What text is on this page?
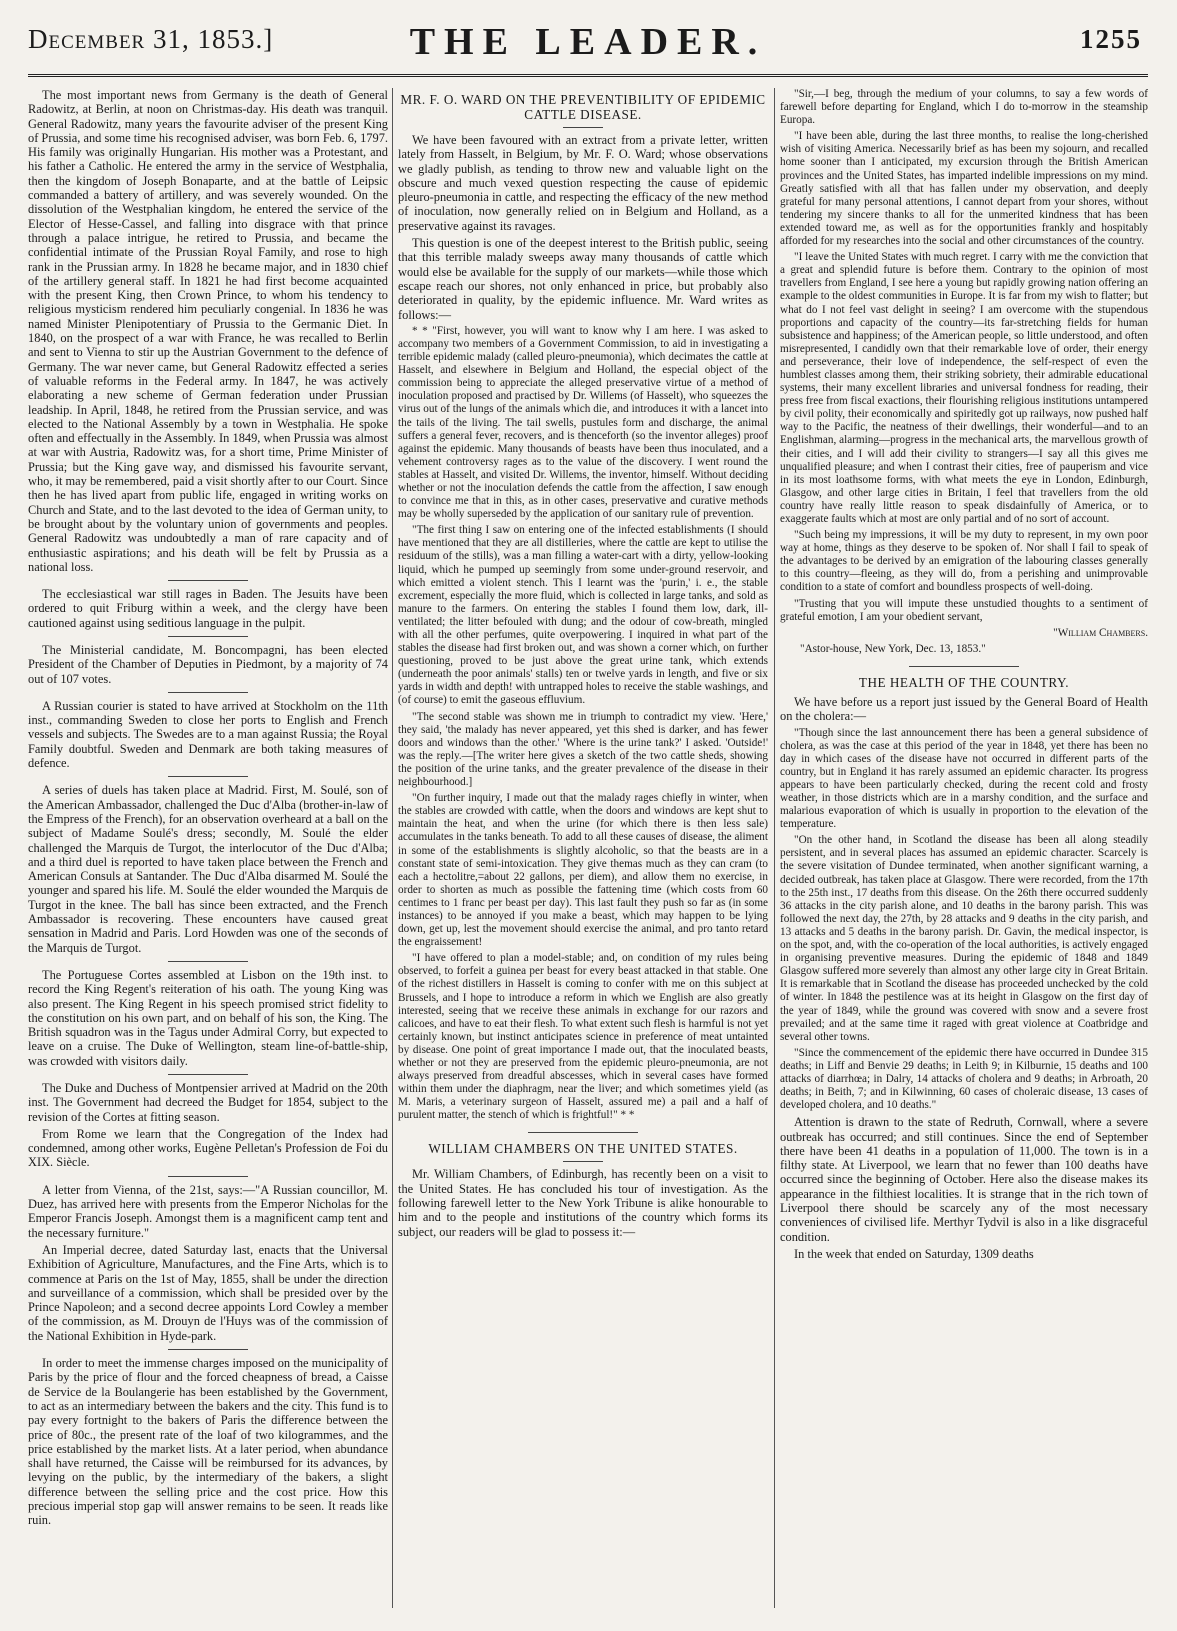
December 31, 1853.]	THE LEADER.	1255

The most important news from Germany is the death of General Radowitz, at Berlin, at noon on Christmas-day. His death was tranquil. General Radowitz, many years the favourite adviser of the present King of Prussia, and some time his recognised adviser, was born Feb. 6, 1797. His family was originally Hungarian. His mother was a Protestant, and his father a Catholic. He entered the army in the service of Westphalia, then the kingdom of Joseph Bonaparte, and at the battle of Leipsic commanded a battery of artillery, and was severely wounded. On the dissolution of the Westphalian kingdom, he entered the service of the Elector of Hesse-Cassel, and falling into disgrace with that prince through a palace intrigue, he retired to Prussia, and became the confidential intimate of the Prussian Royal Family, and rose to high rank in the Prussian army. In 1828 he became major, and in 1830 chief of the artillery general staff. In 1821 he had first become acquainted with the present King, then Crown Prince, to whom his tendency to religious mysticism rendered him peculiarly congenial. In 1836 he was named Minister Plenipotentiary of Prussia to the Germanic Diet. In 1840, on the prospect of a war with France, he was recalled to Berlin and sent to Vienna to stir up the Austrian Government to the defence of Germany. The war never came, but General Radowitz effected a series of valuable reforms in the Federal army. In 1847, he was actively elaborating a new scheme of German federation under Prussian leadship. In April, 1848, he retired from the Prussian service, and was elected to the National Assembly by a town in Westphalia. He spoke often and effectually in the Assembly. In 1849, when Prussia was almost at war with Austria, Radowitz was, for a short time, Prime Minister of Prussia; but the King gave way, and dismissed his favourite servant, who, it may be remembered, paid a visit shortly after to our Court. Since then he has lived apart from public life, engaged in writing works on Church and State, and to the last devoted to the idea of German unity, to be brought about by the voluntary union of governments and peoples. General Radowitz was undoubtedly a man of rare capacity and of enthusiastic aspirations; and his death will be felt by Prussia as a national loss.

The ecclesiastical war still rages in Baden. The Jesuits have been ordered to quit Friburg within a week, and the clergy have been cautioned against using seditious language in the pulpit.

The Ministerial candidate, M. Boncompagni, has been elected President of the Chamber of Deputies in Piedmont, by a majority of 74 out of 107 votes.

A Russian courier is stated to have arrived at Stockholm on the 11th inst., commanding Sweden to close her ports to English and French vessels and subjects. The Swedes are to a man against Russia; the Royal Family doubtful. Sweden and Denmark are both taking measures of defence.

A series of duels has taken place at Madrid. First, M. Soulé, son of the American Ambassador, challenged the Duc d'Alba (brother-in-law of the Empress of the French), for an observation overheard at a ball on the subject of Madame Soulé's dress; secondly, M. Soulé the elder challenged the Marquis de Turgot, the interlocutor of the Duc d'Alba; and a third duel is reported to have taken place between the French and American Consuls at Santander. The Duc d'Alba disarmed M. Soulé the younger and spared his life. M. Soulé the elder wounded the Marquis de Turgot in the knee. The ball has since been extracted, and the French Ambassador is recovering. These encounters have caused great sensation in Madrid and Paris. Lord Howden was one of the seconds of the Marquis de Turgot.

The Portuguese Cortes assembled at Lisbon on the 19th inst. to record the King Regent's reiteration of his oath. The young King was also present. The King Regent in his speech promised strict fidelity to the constitution on his own part, and on behalf of his son, the King. The British squadron was in the Tagus under Admiral Corry, but expected to leave on a cruise. The Duke of Wellington, steam line-of-battle-ship, was crowded with visitors daily.

The Duke and Duchess of Montpensier arrived at Madrid on the 20th inst. The Government had decreed the Budget for 1854, subject to the revision of the Cortes at fitting season.

From Rome we learn that the Congregation of the Index had condemned, among other works, Eugène Pelletan's Profession de Foi du XIX. Siècle.

A letter from Vienna, of the 21st, says:—"A Russian councillor, M. Duez, has arrived here with presents from the Emperor Nicholas for the Emperor Francis Joseph. Amongst them is a magnificent camp tent and the necessary furniture."

An Imperial decree, dated Saturday last, enacts that the Universal Exhibition of Agriculture, Manufactures, and the Fine Arts, which is to commence at Paris on the 1st of May, 1855, shall be under the direction and surveillance of a commission, which shall be presided over by the Prince Napoleon; and a second decree appoints Lord Cowley a member of the commission, as M. Drouyn de l'Huys was of the commission of the National Exhibition in Hyde-park.

In order to meet the immense charges imposed on the municipality of Paris by the price of flour and the forced cheapness of bread, a Caisse de Service de la Boulangerie has been established by the Government, to act as an intermediary between the bakers and the city. This fund is to pay every fortnight to the bakers of Paris the difference between the price of 80c., the present rate of the loaf of two kilogrammes, and the price established by the market lists. At a later period, when abundance shall have returned, the Caisse will be reimbursed for its advances, by levying on the public, by the intermediary of the bakers, a slight difference between the selling price and the cost price. How this precious imperial stop gap will answer remains to be seen. It reads like ruin.

MR. F. O. WARD ON THE PREVENTIBILITY OF EPIDEMIC CATTLE DISEASE.

We have been favoured with an extract from a private letter, written lately from Hasselt, in Belgium, by Mr. F. O. Ward; whose observations we gladly publish, as tending to throw new and valuable light on the obscure and much vexed question respecting the cause of epidemic pleuro-pneumonia in cattle, and respecting the efficacy of the new method of inoculation, now generally relied on in Belgium and Holland, as a preservative against its ravages.

This question is one of the deepest interest to the British public, seeing that this terrible malady sweeps away many thousands of cattle which would else be available for the supply of our markets—while those which escape reach our shores, not only enhanced in price, but probably also deteriorated in quality, by the epidemic influence. Mr. Ward writes as follows:—

* * "First, however, you will want to know why I am here. I was asked to accompany two members of a Government Commission, to aid in investigating a terrible epidemic malady (called pleuro-pneumonia), which decimates the cattle at Hasselt, and elsewhere in Belgium and Holland, the especial object of the commission being to appreciate the alleged preservative virtue of a method of inoculation proposed and practised by Dr. Willems (of Hasselt), who squeezes the virus out of the lungs of the animals which die, and introduces it with a lancet into the tails of the living. The tail swells, pustules form and discharge, the animal suffers a general fever, recovers, and is thenceforth (so the inventor alleges) proof against the epidemic. Many thousands of beasts have been thus inoculated, and a vehement controversy rages as to the value of the discovery. I went round the stables at Hasselt, and visited Dr. Willems, the inventor, himself. Without deciding whether or not the inoculation defends the cattle from the affection, I saw enough to convince me that in this, as in other cases, preservative and curative methods may be wholly superseded by the application of our sanitary rule of prevention.

"The first thing I saw on entering one of the infected establishments (I should have mentioned that they are all distilleries, where the cattle are kept to utilise the residuum of the stills), was a man filling a water-cart with a dirty, yellow-looking liquid, which he pumped up seemingly from some under-ground reservoir, and which emitted a violent stench. This I learnt was the 'purin,' i. e., the stable excrement, especially the more fluid, which is collected in large tanks, and sold as manure to the farmers. On entering the stables I found them low, dark, ill-ventilated; the litter befouled with dung; and the odour of cow-breath, mingled with all the other perfumes, quite overpowering. I inquired in what part of the stables the disease had first broken out, and was shown a corner which, on further questioning, proved to be just above the great urine tank, which extends (underneath the poor animals' stalls) ten or twelve yards in length, and five or six yards in width and depth! with untrapped holes to receive the stable washings, and (of course) to emit the gaseous effluvium.

"The second stable was shown me in triumph to contradict my view. 'Here,' they said, 'the malady has never appeared, yet this shed is darker, and has fewer doors and windows than the other.' 'Where is the urine tank?' I asked. 'Outside!' was the reply.—[The writer here gives a sketch of the two cattle sheds, showing the position of the urine tanks, and the greater prevalence of the disease in their neighbourhood.]

"On further inquiry, I made out that the malady rages chiefly in winter, when the stables are crowded with cattle, when the doors and windows are kept shut to maintain the heat, and when the urine (for which there is then less sale) accumulates in the tanks beneath. To add to all these causes of disease, the aliment in some of the establishments is slightly alcoholic, so that the beasts are in a constant state of semi-intoxication. They give themas much as they can cram (to each a hectolitre,=about 22 gallons, per diem), and allow them no exercise, in order to shorten as much as possible the fattening time (which costs from 60 centimes to 1 franc per beast per day). This last fault they push so far as (in some instances) to be annoyed if you make a beast, which may happen to be lying down, get up, lest the movement should exercise the animal, and pro tanto retard the engraissement!

"I have offered to plan a model-stable; and, on condition of my rules being observed, to forfeit a guinea per beast for every beast attacked in that stable. One of the richest distillers in Hasselt is coming to confer with me on this subject at Brussels, and I hope to introduce a reform in which we English are also greatly interested, seeing that we receive these animals in exchange for our razors and calicoes, and have to eat their flesh. To what extent such flesh is harmful is not yet certainly known, but instinct anticipates science in preference of meat untainted by disease. One point of great importance I made out, that the inoculated beasts, whether or not they are preserved from the epidemic pleuro-pneumonia, are not always preserved from dreadful abscesses, which in several cases have formed within them under the diaphragm, near the liver; and which sometimes yield (as M. Maris, a veterinary surgeon of Hasselt, assured me) a pail and a half of purulent matter, the stench of which is frightful!" * *

WILLIAM CHAMBERS ON THE UNITED STATES.

Mr. William Chambers, of Edinburgh, has recently been on a visit to the United States. He has concluded his tour of investigation. As the following farewell letter to the New York Tribune is alike honourable to him and to the people and institutions of the country which forms its subject, our readers will be glad to possess it:—

"Sir,—I beg, through the medium of your columns, to say a few words of farewell before departing for England, which I do to-morrow in the steamship Europa.

"I have been able, during the last three months, to realise the long-cherished wish of visiting America. Necessarily brief as has been my sojourn, and recalled home sooner than I anticipated, my excursion through the British American provinces and the United States, has imparted indelible impressions on my mind. Greatly satisfied with all that has fallen under my observation, and deeply grateful for many personal attentions, I cannot depart from your shores, without tendering my sincere thanks to all for the unmerited kindness that has been extended toward me, as well as for the opportunities frankly and hospitably afforded for my researches into the social and other circumstances of the country.

"I leave the United States with much regret. I carry with me the conviction that a great and splendid future is before them. Contrary to the opinion of most travellers from England, I see here a young but rapidly growing nation offering an example to the oldest communities in Europe. It is far from my wish to flatter; but what do I not feel vast delight in seeing? I am overcome with the stupendous proportions and capacity of the country—its far-stretching fields for human subsistence and happiness; of the American people, so little understood, and often misrepresented, I candidly own that their remarkable love of order, their energy and perseverance, their love of independence, the self-respect of even the humblest classes among them, their striking sobriety, their admirable educational systems, their many excellent libraries and universal fondness for reading, their press free from fiscal exactions, their flourishing religious institutions untampered by civil polity, their economically and spiritedly got up railways, now pushed half way to the Pacific, the neatness of their dwellings, their wonderful—and to an Englishman, alarming—progress in the mechanical arts, the marvellous growth of their cities, and I will add their civility to strangers—I say all this gives me unqualified pleasure; and when I contrast their cities, free of pauperism and vice in its most loathsome forms, with what meets the eye in London, Edinburgh, Glasgow, and other large cities in Britain, I feel that travellers from the old country have really little reason to speak disdainfully of America, or to exaggerate faults which at most are only partial and of no sort of account.

"Such being my impressions, it will be my duty to represent, in my own poor way at home, things as they deserve to be spoken of. Nor shall I fail to speak of the advantages to be derived by an emigration of the labouring classes generally to this country—fleeing, as they will do, from a perishing and unimprovable condition to a state of comfort and boundless prospects of well-doing.

"Trusting that you will impute these unstudied thoughts to a sentiment of grateful emotion, I am your obedient servant,

"William Chambers.

"Astor-house, New York, Dec. 13, 1853."

THE HEALTH OF THE COUNTRY.

We have before us a report just issued by the General Board of Health on the cholera:—

"Though since the last announcement there has been a general subsidence of cholera, as was the case at this period of the year in 1848, yet there has been no day in which cases of the disease have not occurred in different parts of the country, but in England it has rarely assumed an epidemic character. Its progress appears to have been particularly checked, during the recent cold and frosty weather, in those districts which are in a marshy condition, and the surface and malarious evaporation of which is usually in proportion to the elevation of the temperature.

"On the other hand, in Scotland the disease has been all along steadily persistent, and in several places has assumed an epidemic character. Scarcely is the severe visitation of Dundee terminated, when another significant warning, a decided outbreak, has taken place at Glasgow. There were recorded, from the 17th to the 25th inst., 17 deaths from this disease. On the 26th there occurred suddenly 36 attacks in the city parish alone, and 10 deaths in the barony parish. This was followed the next day, the 27th, by 28 attacks and 9 deaths in the city parish, and 13 attacks and 5 deaths in the barony parish. Dr. Gavin, the medical inspector, is on the spot, and, with the co-operation of the local authorities, is actively engaged in organising preventive measures. During the epidemic of 1848 and 1849 Glasgow suffered more severely than almost any other large city in Great Britain. It is remarkable that in Scotland the disease has proceeded unchecked by the cold of winter. In 1848 the pestilence was at its height in Glasgow on the first day of the year of 1849, while the ground was covered with snow and a severe frost prevailed; and at the same time it raged with great violence at Coatbridge and several other towns.

"Since the commencement of the epidemic there have occurred in Dundee 315 deaths; in Liff and Benvie 29 deaths; in Leith 9; in Kilburnie, 15 deaths and 100 attacks of diarrhœa; in Dalry, 14 attacks of cholera and 9 deaths; in Arbroath, 20 deaths; in Beith, 7; and in Kilwinning, 60 cases of choleraic disease, 13 cases of developed cholera, and 10 deaths."

Attention is drawn to the state of Redruth, Cornwall, where a severe outbreak has occurred; and still continues. Since the end of September there have been 41 deaths in a population of 11,000. The town is in a filthy state. At Liverpool, we learn that no fewer than 100 deaths have occurred since the beginning of October. Here also the disease makes its appearance in the filthiest localities. It is strange that in the rich town of Liverpool there should be scarcely any of the most necessary conveniences of civilised life. Merthyr Tydvil is also in a like disgraceful condition.

In the week that ended on Saturday, 1309 deaths
